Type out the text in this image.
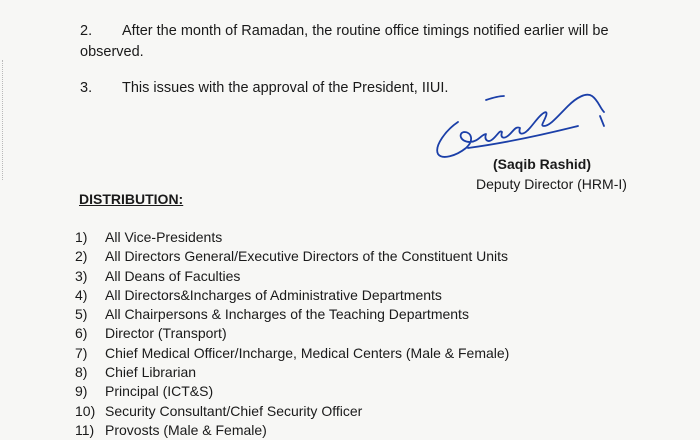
2. After the month of Ramadan, the routine office timings notified earlier will be observed.
3. This issues with the approval of the President, IIUI.
(Saqib Rashid)
Deputy Director (HRM-I)
DISTRIBUTION:
1) All Vice-Presidents
2) All Directors General/Executive Directors of the Constituent Units
3) All Deans of Faculties
4) All Directors&Incharges of Administrative Departments
5) All Chairpersons & Incharges of the Teaching Departments
6) Director (Transport)
7) Chief Medical Officer/Incharge, Medical Centers (Male & Female)
8) Chief Librarian
9) Principal (ICT&S)
10) Security Consultant/Chief Security Officer
11) Provosts (Male & Female)
